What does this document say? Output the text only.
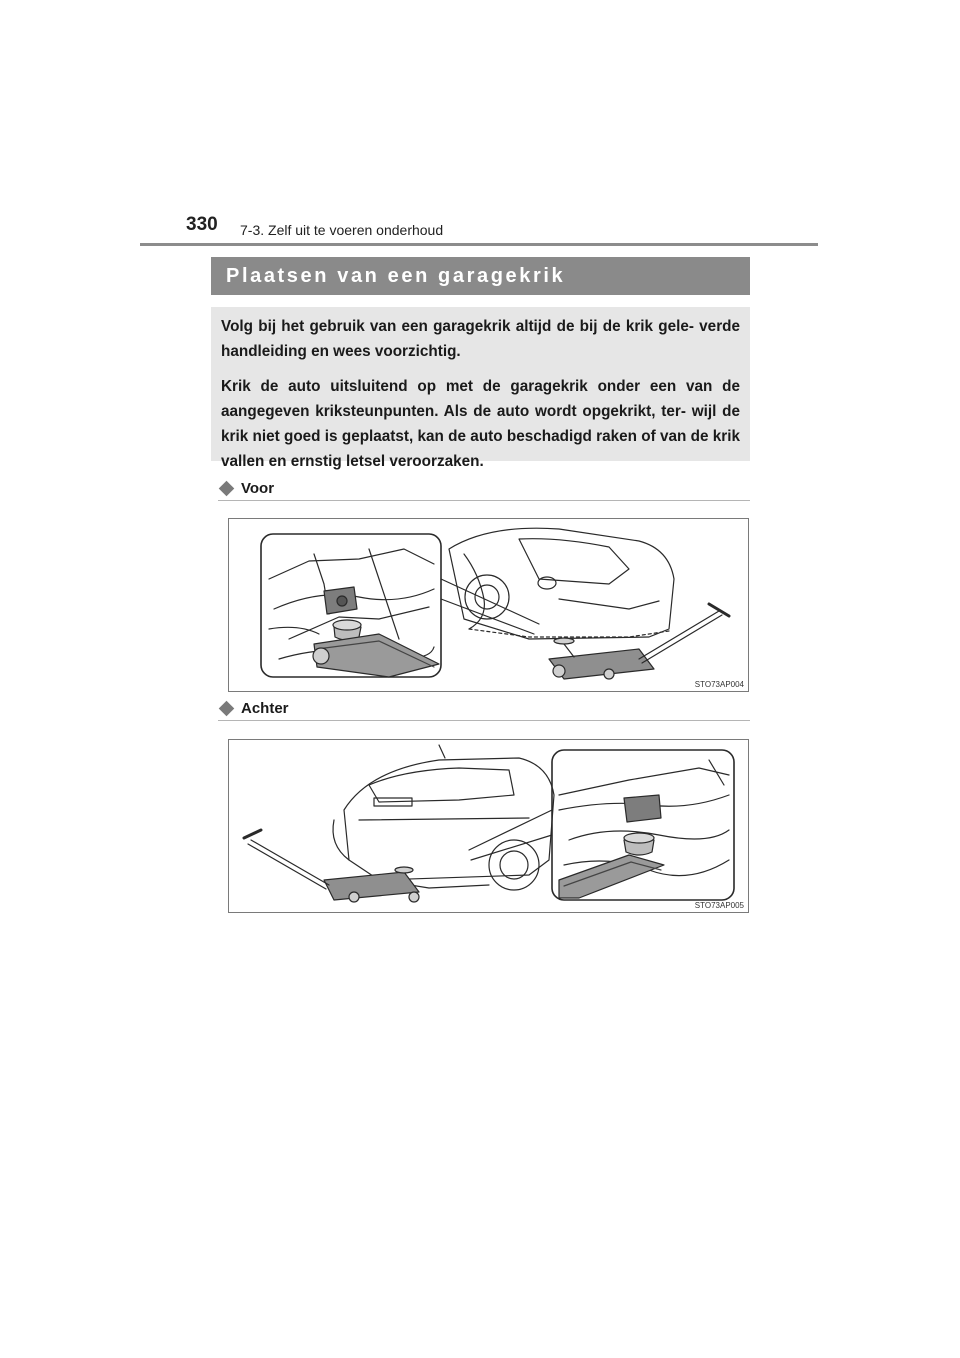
330 7-3. Zelf uit te voeren onderhoud
Plaatsen van een garagekrik

Volg bij het gebruik van een garagekrik altijd de bij de krik gele- verde handleiding en wees voorzichtig.

Krik de auto uitsluitend op met de garagekrik onder een van de aangegeven kriksteunpunten. Als de auto wordt opgekrikt, ter- wijl de krik niet goed is geplaatst, kan de auto beschadigd raken of van de krik vallen en ernstig letsel veroorzaken.

Voor
STO73AP004
Achter
STO73AP005
